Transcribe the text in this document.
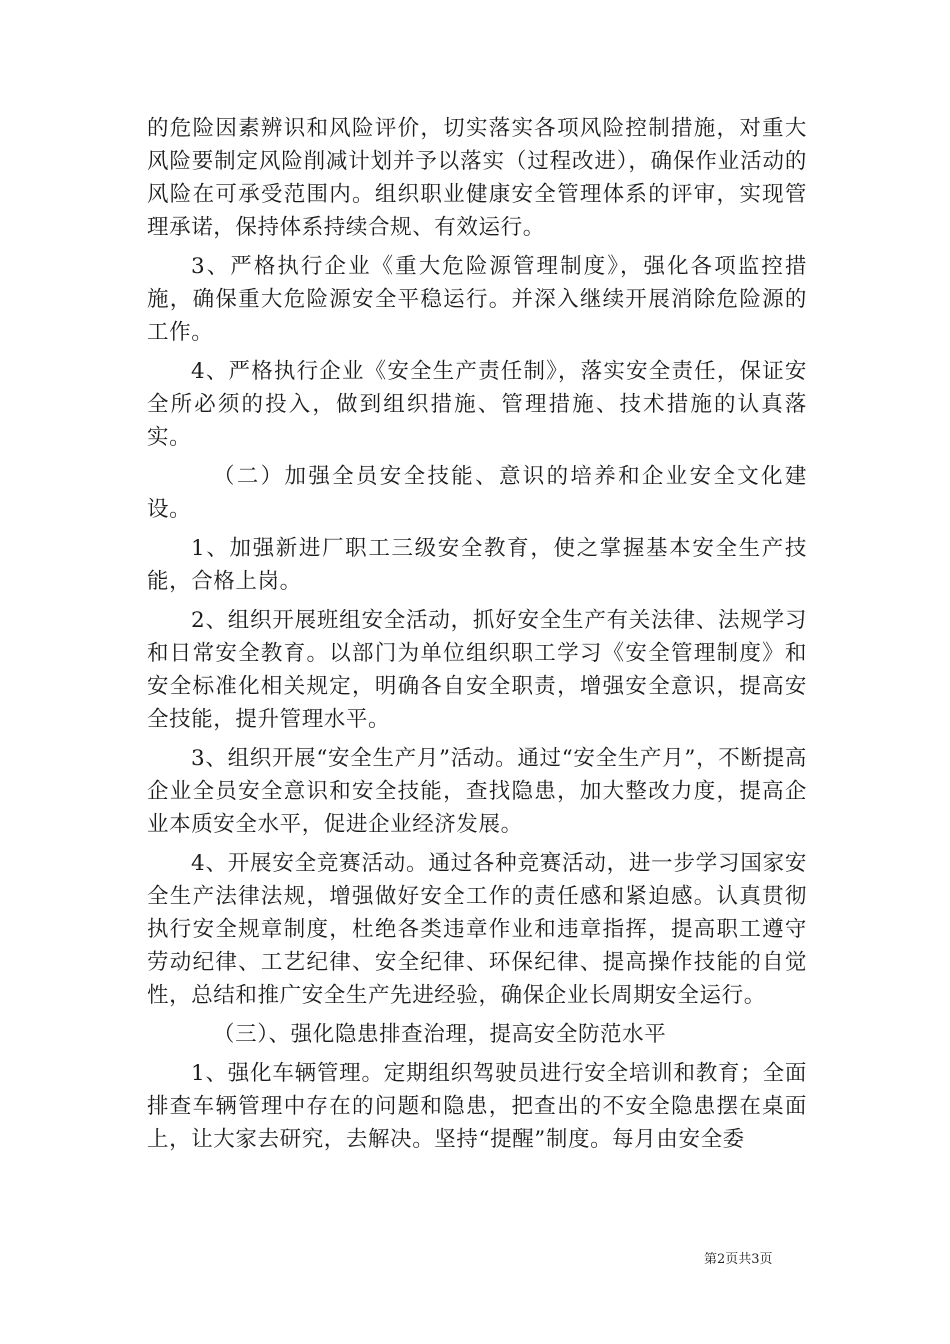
的危险因素辨识和风险评价，切实落实各项风险控制措施，对重大风险要制定风险削减计划并予以落实（过程改进），确保作业活动的风险在可承受范围内。组织职业健康安全管理体系的评审，实现管理承诺，保持体系持续合规、有效运行。

3、严格执行企业《重大危险源管理制度》，强化各项监控措施，确保重大危险源安全平稳运行。并深入继续开展消除危险源的工作。

4、严格执行企业《安全生产责任制》，落实安全责任，保证安全所必须的投入，做到组织措施、管理措施、技术措施的认真落实。

（二）加强全员安全技能、意识的培养和企业安全文化建设。

1、加强新进厂职工三级安全教育，使之掌握基本安全生产技能，合格上岗。

2、组织开展班组安全活动，抓好安全生产有关法律、法规学习和日常安全教育。以部门为单位组织职工学习《安全管理制度》和安全标准化相关规定，明确各自安全职责，增强安全意识，提高安全技能，提升管理水平。

3、组织开展“安全生产月”活动。通过“安全生产月”，不断提高企业全员安全意识和安全技能，查找隐患，加大整改力度，提高企业本质安全水平，促进企业经济发展。

4、开展安全竞赛活动。通过各种竞赛活动，进一步学习国家安全生产法律法规，增强做好安全工作的责任感和紧迫感。认真贯彻执行安全规章制度，杜绝各类违章作业和违章指挥，提高职工遵守劳动纪律、工艺纪律、安全纪律、环保纪律、提高操作技能的自觉性，总结和推广安全生产先进经验，确保企业长周期安全运行。

（三）、强化隐患排查治理，提高安全防范水平

1、强化车辆管理。定期组织驾驶员进行安全培训和教育；全面排查车辆管理中存在的问题和隐患，把查出的不安全隐患摆在桌面上，让大家去研究，去解决。坚持“提醒”制度。每月由安全委

第2页共3页
